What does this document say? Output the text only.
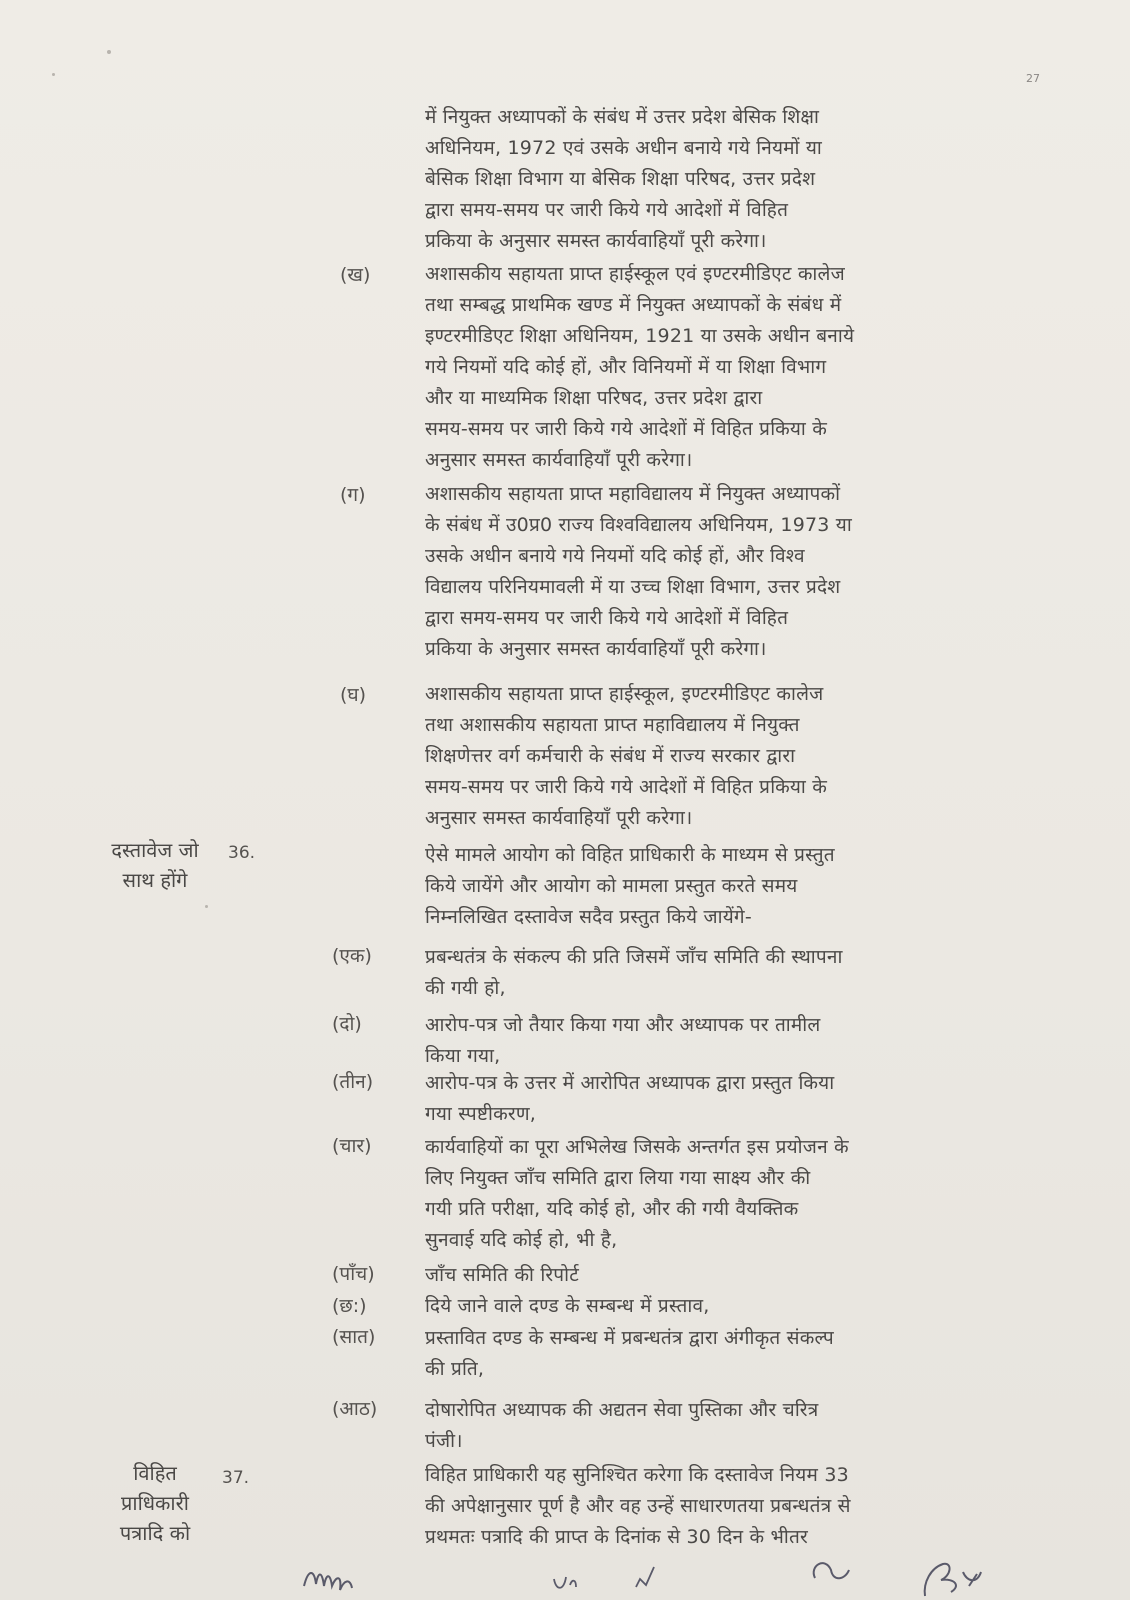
27
में नियुक्त अध्यापकों के संबंध में उत्तर प्रदेश बेसिक शिक्षा
अधिनियम, 1972 एवं उसके अधीन बनाये गये नियमों या
बेसिक शिक्षा विभाग या बेसिक शिक्षा परिषद, उत्तर प्रदेश
द्वारा समय-समय पर जारी किये गये आदेशों में विहित
प्रकिया के अनुसार समस्त कार्यवाहियाँ पूरी करेगा।
(ख)	अशासकीय सहायता प्राप्त हाईस्कूल एवं इण्टरमीडिएट कालेज
तथा सम्बद्ध प्राथमिक खण्ड में नियुक्त अध्यापकों के संबंध में
इण्टरमीडिएट शिक्षा अधिनियम, 1921 या उसके अधीन बनाये
गये नियमों यदि कोई हों, और विनियमों में या शिक्षा विभाग
और या माध्यमिक शिक्षा परिषद, उत्तर प्रदेश द्वारा
समय-समय पर जारी किये गये आदेशों में विहित प्रकिया के
अनुसार समस्त कार्यवाहियाँ पूरी करेगा।
(ग)	अशासकीय सहायता प्राप्त महाविद्यालय में नियुक्त अध्यापकों
के संबंध में उ0प्र0 राज्य विश्वविद्यालय अधिनियम, 1973 या
उसके अधीन बनाये गये नियमों यदि कोई हों, और विश्व
विद्यालय परिनियमावली में या उच्च शिक्षा विभाग, उत्तर प्रदेश
द्वारा समय-समय पर जारी किये गये आदेशों में विहित
प्रकिया के अनुसार समस्त कार्यवाहियाँ पूरी करेगा।
(घ)	अशासकीय सहायता प्राप्त हाईस्कूल, इण्टरमीडिएट कालेज
तथा अशासकीय सहायता प्राप्त महाविद्यालय में नियुक्त
शिक्षणेत्तर वर्ग कर्मचारी के संबंध में राज्य सरकार द्वारा
समय-समय पर जारी किये गये आदेशों में विहित प्रकिया के
अनुसार समस्त कार्यवाहियाँ पूरी करेगा।
दस्तावेज जो
साथ होंगे
36.	ऐसे मामले आयोग को विहित प्राधिकारी के माध्यम से प्रस्तुत
किये जायेंगे और आयोग को मामला प्रस्तुत करते समय
निम्नलिखित दस्तावेज सदैव प्रस्तुत किये जायेंगे-
(एक)	प्रबन्धतंत्र के संकल्प की प्रति जिसमें जाँच समिति की स्थापना
की गयी हो,
(दो)	आरोप-पत्र जो तैयार किया गया और अध्यापक पर तामील
किया गया,
(तीन)	आरोप-पत्र के उत्तर में आरोपित अध्यापक द्वारा प्रस्तुत किया
गया स्पष्टीकरण,
(चार)	कार्यवाहियों का पूरा अभिलेख जिसके अन्तर्गत इस प्रयोजन के
लिए नियुक्त जाँच समिति द्वारा लिया गया साक्ष्य और की
गयी प्रति परीक्षा, यदि कोई हो, और की गयी वैयक्तिक
सुनवाई यदि कोई हो, भी है,
(पाँच)	जाँच समिति की रिपोर्ट
(छ:)	दिये जाने वाले दण्ड के सम्बन्ध में प्रस्ताव,
(सात)	प्रस्तावित दण्ड के सम्बन्ध में प्रबन्धतंत्र द्वारा अंगीकृत संकल्प
की प्रति,
(आठ)	दोषारोपित अध्यापक की अद्यतन सेवा पुस्तिका और चरित्र
पंजी।
विहित
प्राधिकारी
पत्रादि को
37.	विहित प्राधिकारी यह सुनिश्चित करेगा कि दस्तावेज नियम 33
की अपेक्षानुसार पूर्ण है और वह उन्हें साधारणतया प्रबन्धतंत्र से
प्रथमतः पत्रादि की प्राप्त के दिनांक से 30 दिन के भीतर
